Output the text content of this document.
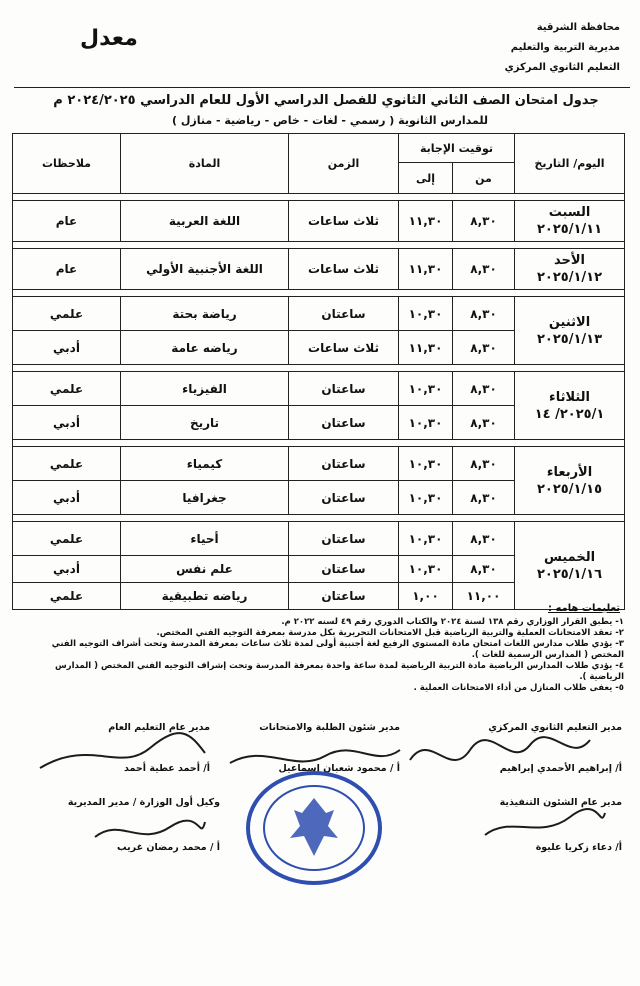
معدل	محافظة الشرقية
مديرية التربية والتعليم
التعليم الثانوي المركزي
جدول امتحان الصف الثاني الثانوي للفصل الدراسي الأول للعام الدراسي ٢٠٢٤/٢٠٢٥ م
للمدارس الثانوية ( رسمي - لغات - خاص - رياضية - منازل )
اليوم/ التاريخ	توقيت الإجابة		الزمن	المادة	ملاحظات
	من	إلى			

السبت
٢٠٢٥/١/١١	٨,٣٠	١١,٣٠	ثلاث ساعات	اللغة العربية	عام

الأحد
٢٠٢٥/١/١٢	٨,٣٠	١١,٣٠	ثلاث ساعات	اللغة الأجنبية الأولي	عام

الاثنين
٢٠٢٥/١/١٣	٨,٣٠	١٠,٣٠	ساعتان	رياضة بحتة	علمي
	٨,٣٠	١١,٣٠	ثلاث ساعات	رياضه عامة	أدبي

الثلاثاء
٢٠٢٥/١/ ١٤	٨,٣٠	١٠,٣٠	ساعتان	الفيزياء	علمي
	٨,٣٠	١٠,٣٠	ساعتان	تاريخ	أدبي

الأربعاء
٢٠٢٥/١/١٥	٨,٣٠	١٠,٣٠	ساعتان	كيمياء	علمي
	٨,٣٠	١٠,٣٠	ساعتان	جغرافيا	أدبي

الخميس
٢٠٢٥/١/١٦	٨,٣٠	١٠,٣٠	ساعتان	أحياء	علمي
	٨,٣٠	١٠,٣٠	ساعتان	علم نفس	أدبي
	١١,٠٠	١,٠٠	ساعتان	رياضه تطبيقية	علمي
تعليمات هامه :
١- يطبق القرار الوزاري رقم ١٣٨ لسنة ٢٠٢٤ والكتاب الدوري رقم ٤٩ لسنه ٢٠٢٢ م.
٢- تعقد الامتحانات العملية والتربية الرياضية قبل الامتحانات التحريرية بكل مدرسة بمعرفة التوجيه الفني المختص.
٣- يؤدي طلاب مدارس اللغات امتحان مادة المستوي الرفيع لغة أجنبية أولى لمدة ثلاث ساعات بمعرفة المدرسة وتحت أشراف التوجيه الفني المختص ( المدارس الرسمية للغات ).
٤- يؤدي طلاب المدارس الرياضية مادة التربية الرياضية لمدة ساعة واحدة بمعرفة المدرسة وتحت إشراف التوجيه الفني المختص ( المدارس الرياضية ).
٥- يعفى طلاب المنازل من أداء الامتحانات العملية .
مدير التعليم الثانوي المركزي
أ/ إبراهيم الأحمدي إبراهيم
مدير شئون الطلبة والامتحانات
أ / محمود شعبان إسماعيل
مدير عام التعليم العام
أ/ أحمد عطية أحمد
مدير عام الشئون التنفيذية
أ/ دعاء زكريا عليوة
وكيل أول الوزارة / مدير المديرية
أ / محمد رمضان غريب
